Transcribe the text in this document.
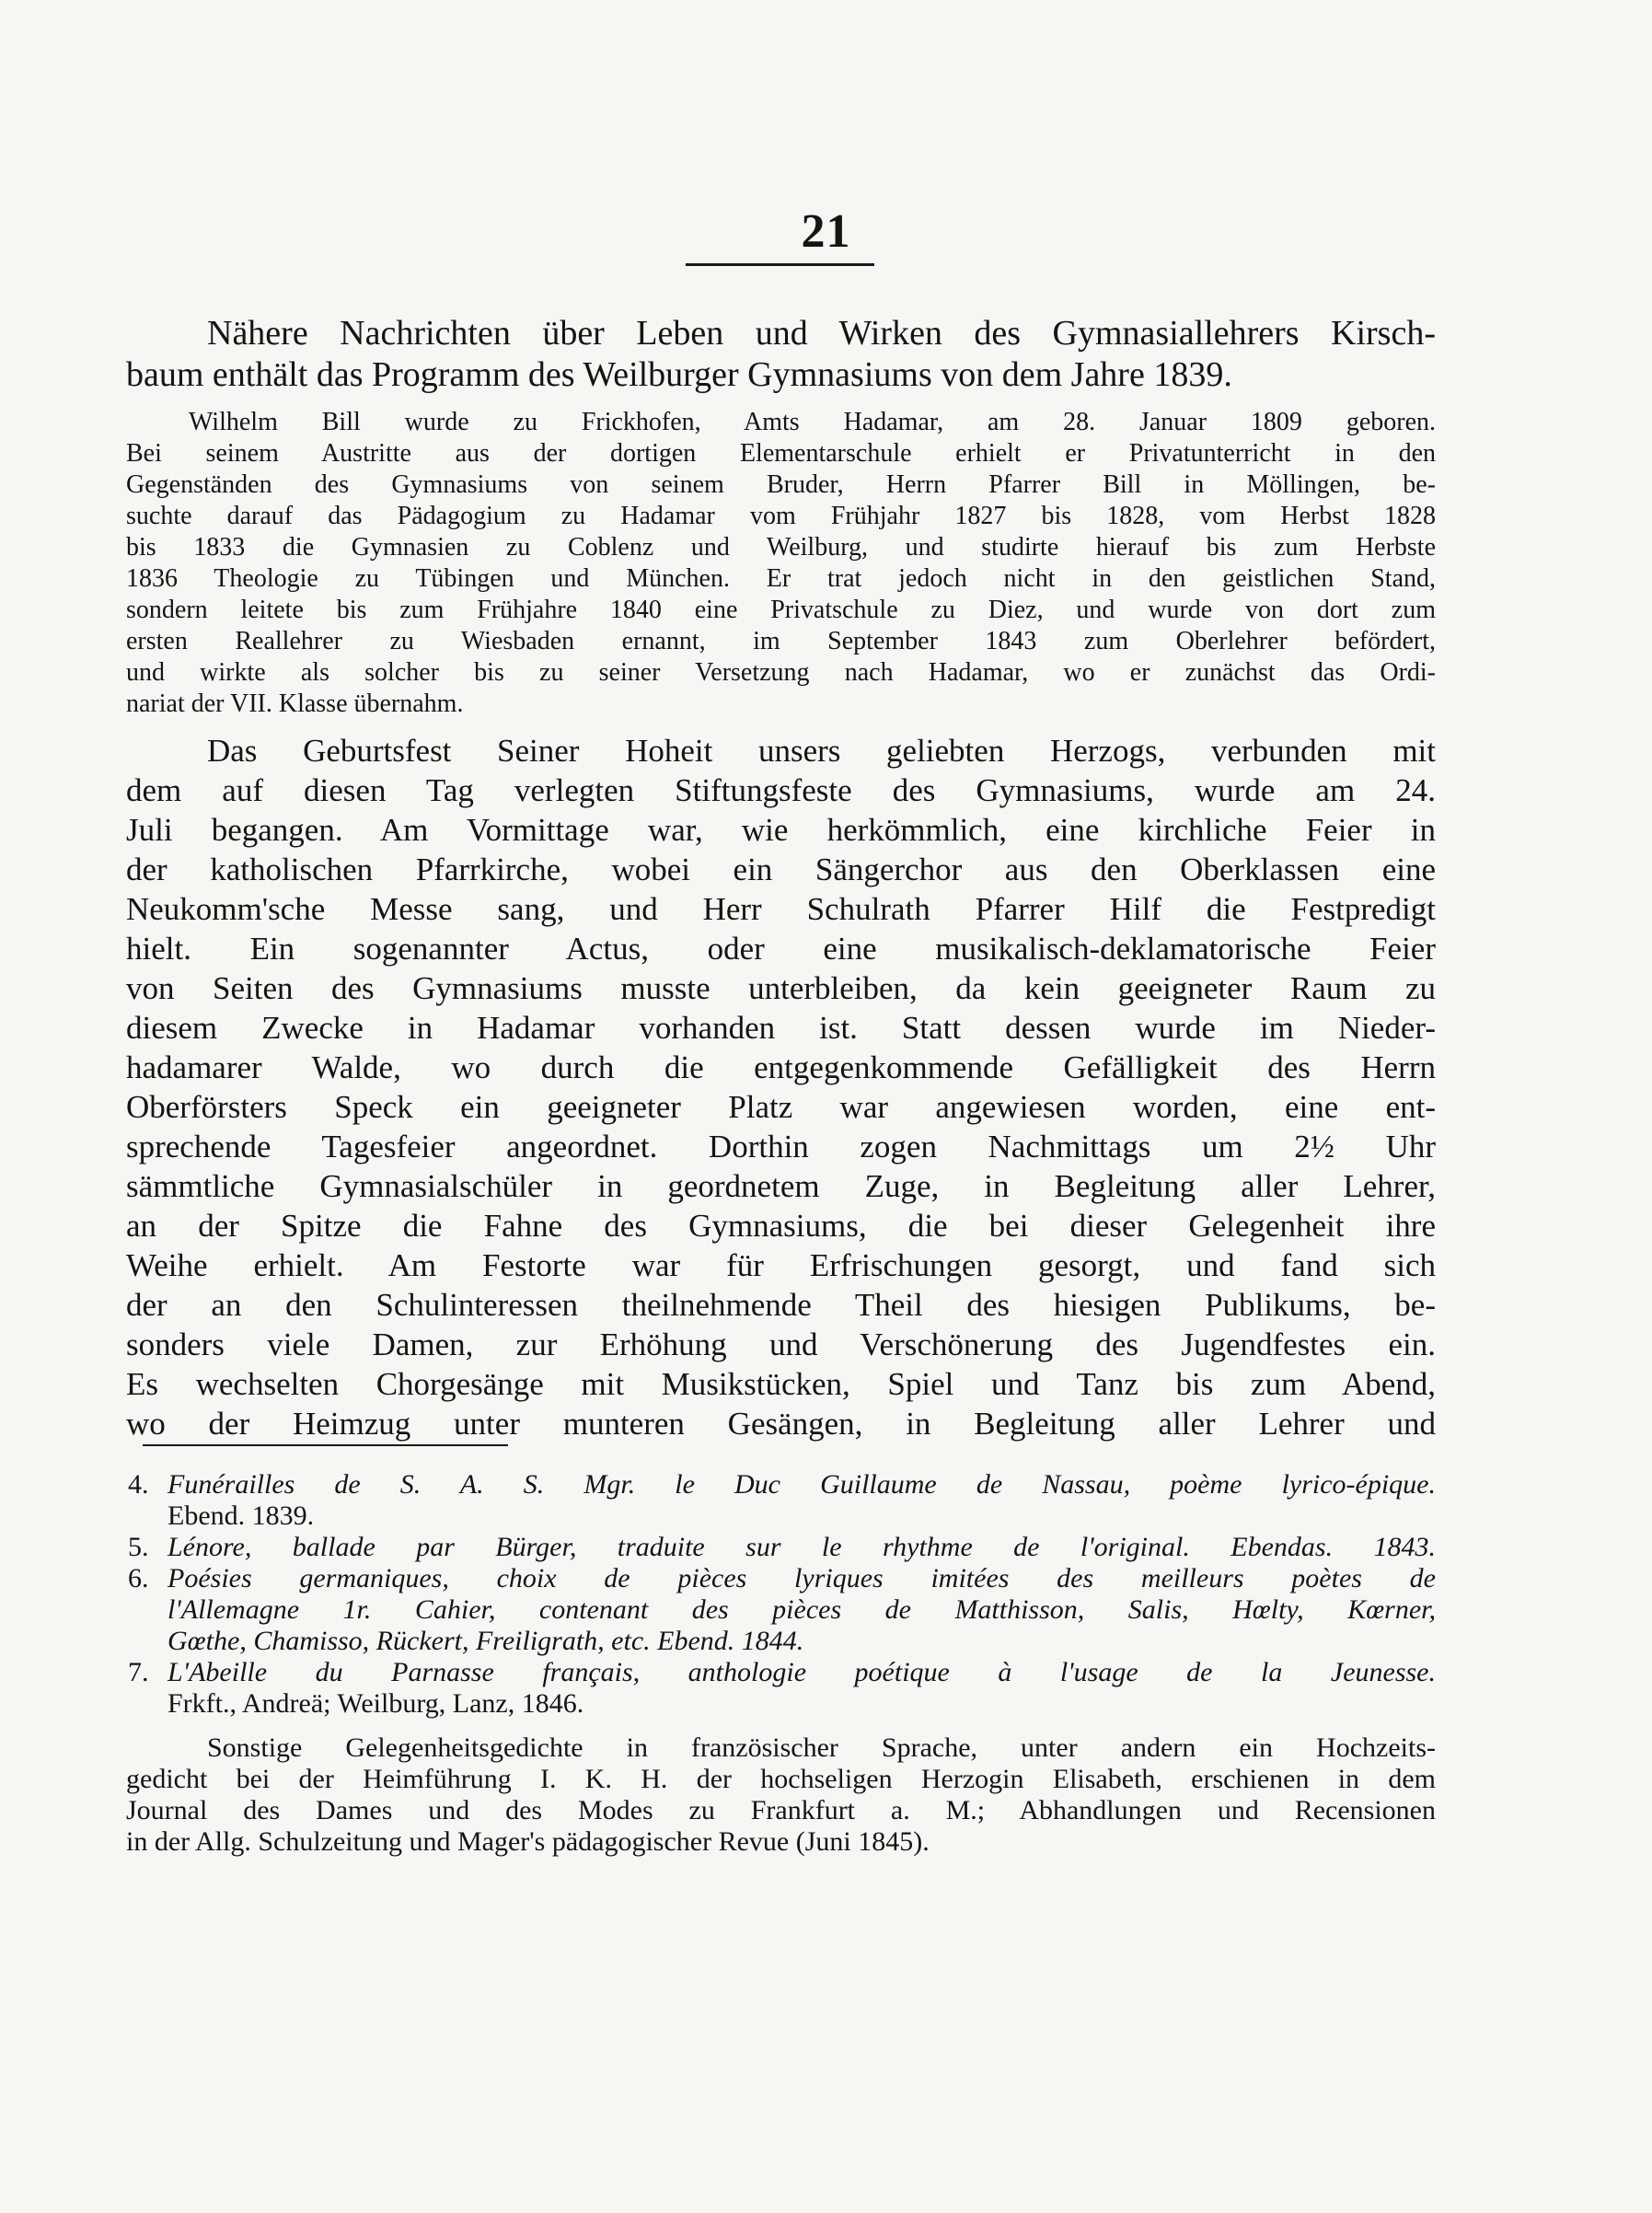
21

Nähere Nachrichten über Leben und Wirken des Gymnasiallehrers Kirsch-
baum enthält das Programm des Weilburger Gymnasiums von dem Jahre 1839.

Wilhelm Bill wurde zu Frickhofen, Amts Hadamar, am 28. Januar 1809 geboren.
Bei seinem Austritte aus der dortigen Elementarschule erhielt er Privatunterricht in den
Gegenständen des Gymnasiums von seinem Bruder, Herrn Pfarrer Bill in Möllingen, be-
suchte darauf das Pädagogium zu Hadamar vom Frühjahr 1827 bis 1828, vom Herbst 1828
bis 1833 die Gymnasien zu Coblenz und Weilburg, und studirte hierauf bis zum Herbste
1836 Theologie zu Tübingen und München. Er trat jedoch nicht in den geistlichen Stand,
sondern leitete bis zum Frühjahre 1840 eine Privatschule zu Diez, und wurde von dort zum
ersten Reallehrer zu Wiesbaden ernannt, im September 1843 zum Oberlehrer befördert,
und wirkte als solcher bis zu seiner Versetzung nach Hadamar, wo er zunächst das Ordi-
nariat der VII. Klasse übernahm.

Das Geburtsfest Seiner Hoheit unsers geliebten Herzogs, verbunden mit
dem auf diesen Tag verlegten Stiftungsfeste des Gymnasiums, wurde am 24.
Juli begangen. Am Vormittage war, wie herkömmlich, eine kirchliche Feier in
der katholischen Pfarrkirche, wobei ein Sängerchor aus den Oberklassen eine
Neukomm'sche Messe sang, und Herr Schulrath Pfarrer Hilf die Festpredigt
hielt. Ein sogenannter Actus, oder eine musikalisch-deklamatorische Feier
von Seiten des Gymnasiums musste unterbleiben, da kein geeigneter Raum zu
diesem Zwecke in Hadamar vorhanden ist. Statt dessen wurde im Nieder-
hadamarer Walde, wo durch die entgegenkommende Gefälligkeit des Herrn
Oberförsters Speck ein geeigneter Platz war angewiesen worden, eine ent-
sprechende Tagesfeier angeordnet. Dorthin zogen Nachmittags um 2½ Uhr
sämmtliche Gymnasialschüler in geordnetem Zuge, in Begleitung aller Lehrer,
an der Spitze die Fahne des Gymnasiums, die bei dieser Gelegenheit ihre
Weihe erhielt. Am Festorte war für Erfrischungen gesorgt, und fand sich
der an den Schulinteressen theilnehmende Theil des hiesigen Publikums, be-
sonders viele Damen, zur Erhöhung und Verschönerung des Jugendfestes ein.
Es wechselten Chorgesänge mit Musikstücken, Spiel und Tanz bis zum Abend,
wo der Heimzug unter munteren Gesängen, in Begleitung aller Lehrer und

4. Funérailles de S. A. S. Mgr. le Duc Guillaume de Nassau, poème lyrico-épique.
Ebend. 1839.
5. Lénore, ballade par Bürger, traduite sur le rhythme de l'original. Ebendas. 1843.
6. Poésies germaniques, choix de pièces lyriques imitées des meilleurs poètes de
l'Allemagne 1r. Cahier, contenant des pièces de Matthisson, Salis, Hœlty, Kœrner,
Gœthe, Chamisso, Rückert, Freiligrath, etc. Ebend. 1844.
7. L'Abeille du Parnasse français, anthologie poétique à l'usage de la Jeunesse.
Frkft., Andreä; Weilburg, Lanz, 1846.

Sonstige Gelegenheitsgedichte in französischer Sprache, unter andern ein Hochzeits-
gedicht bei der Heimführung I. K. H. der hochseligen Herzogin Elisabeth, erschienen in dem
Journal des Dames und des Modes zu Frankfurt a. M.; Abhandlungen und Recensionen
in der Allg. Schulzeitung und Mager's pädagogischer Revue (Juni 1845).
